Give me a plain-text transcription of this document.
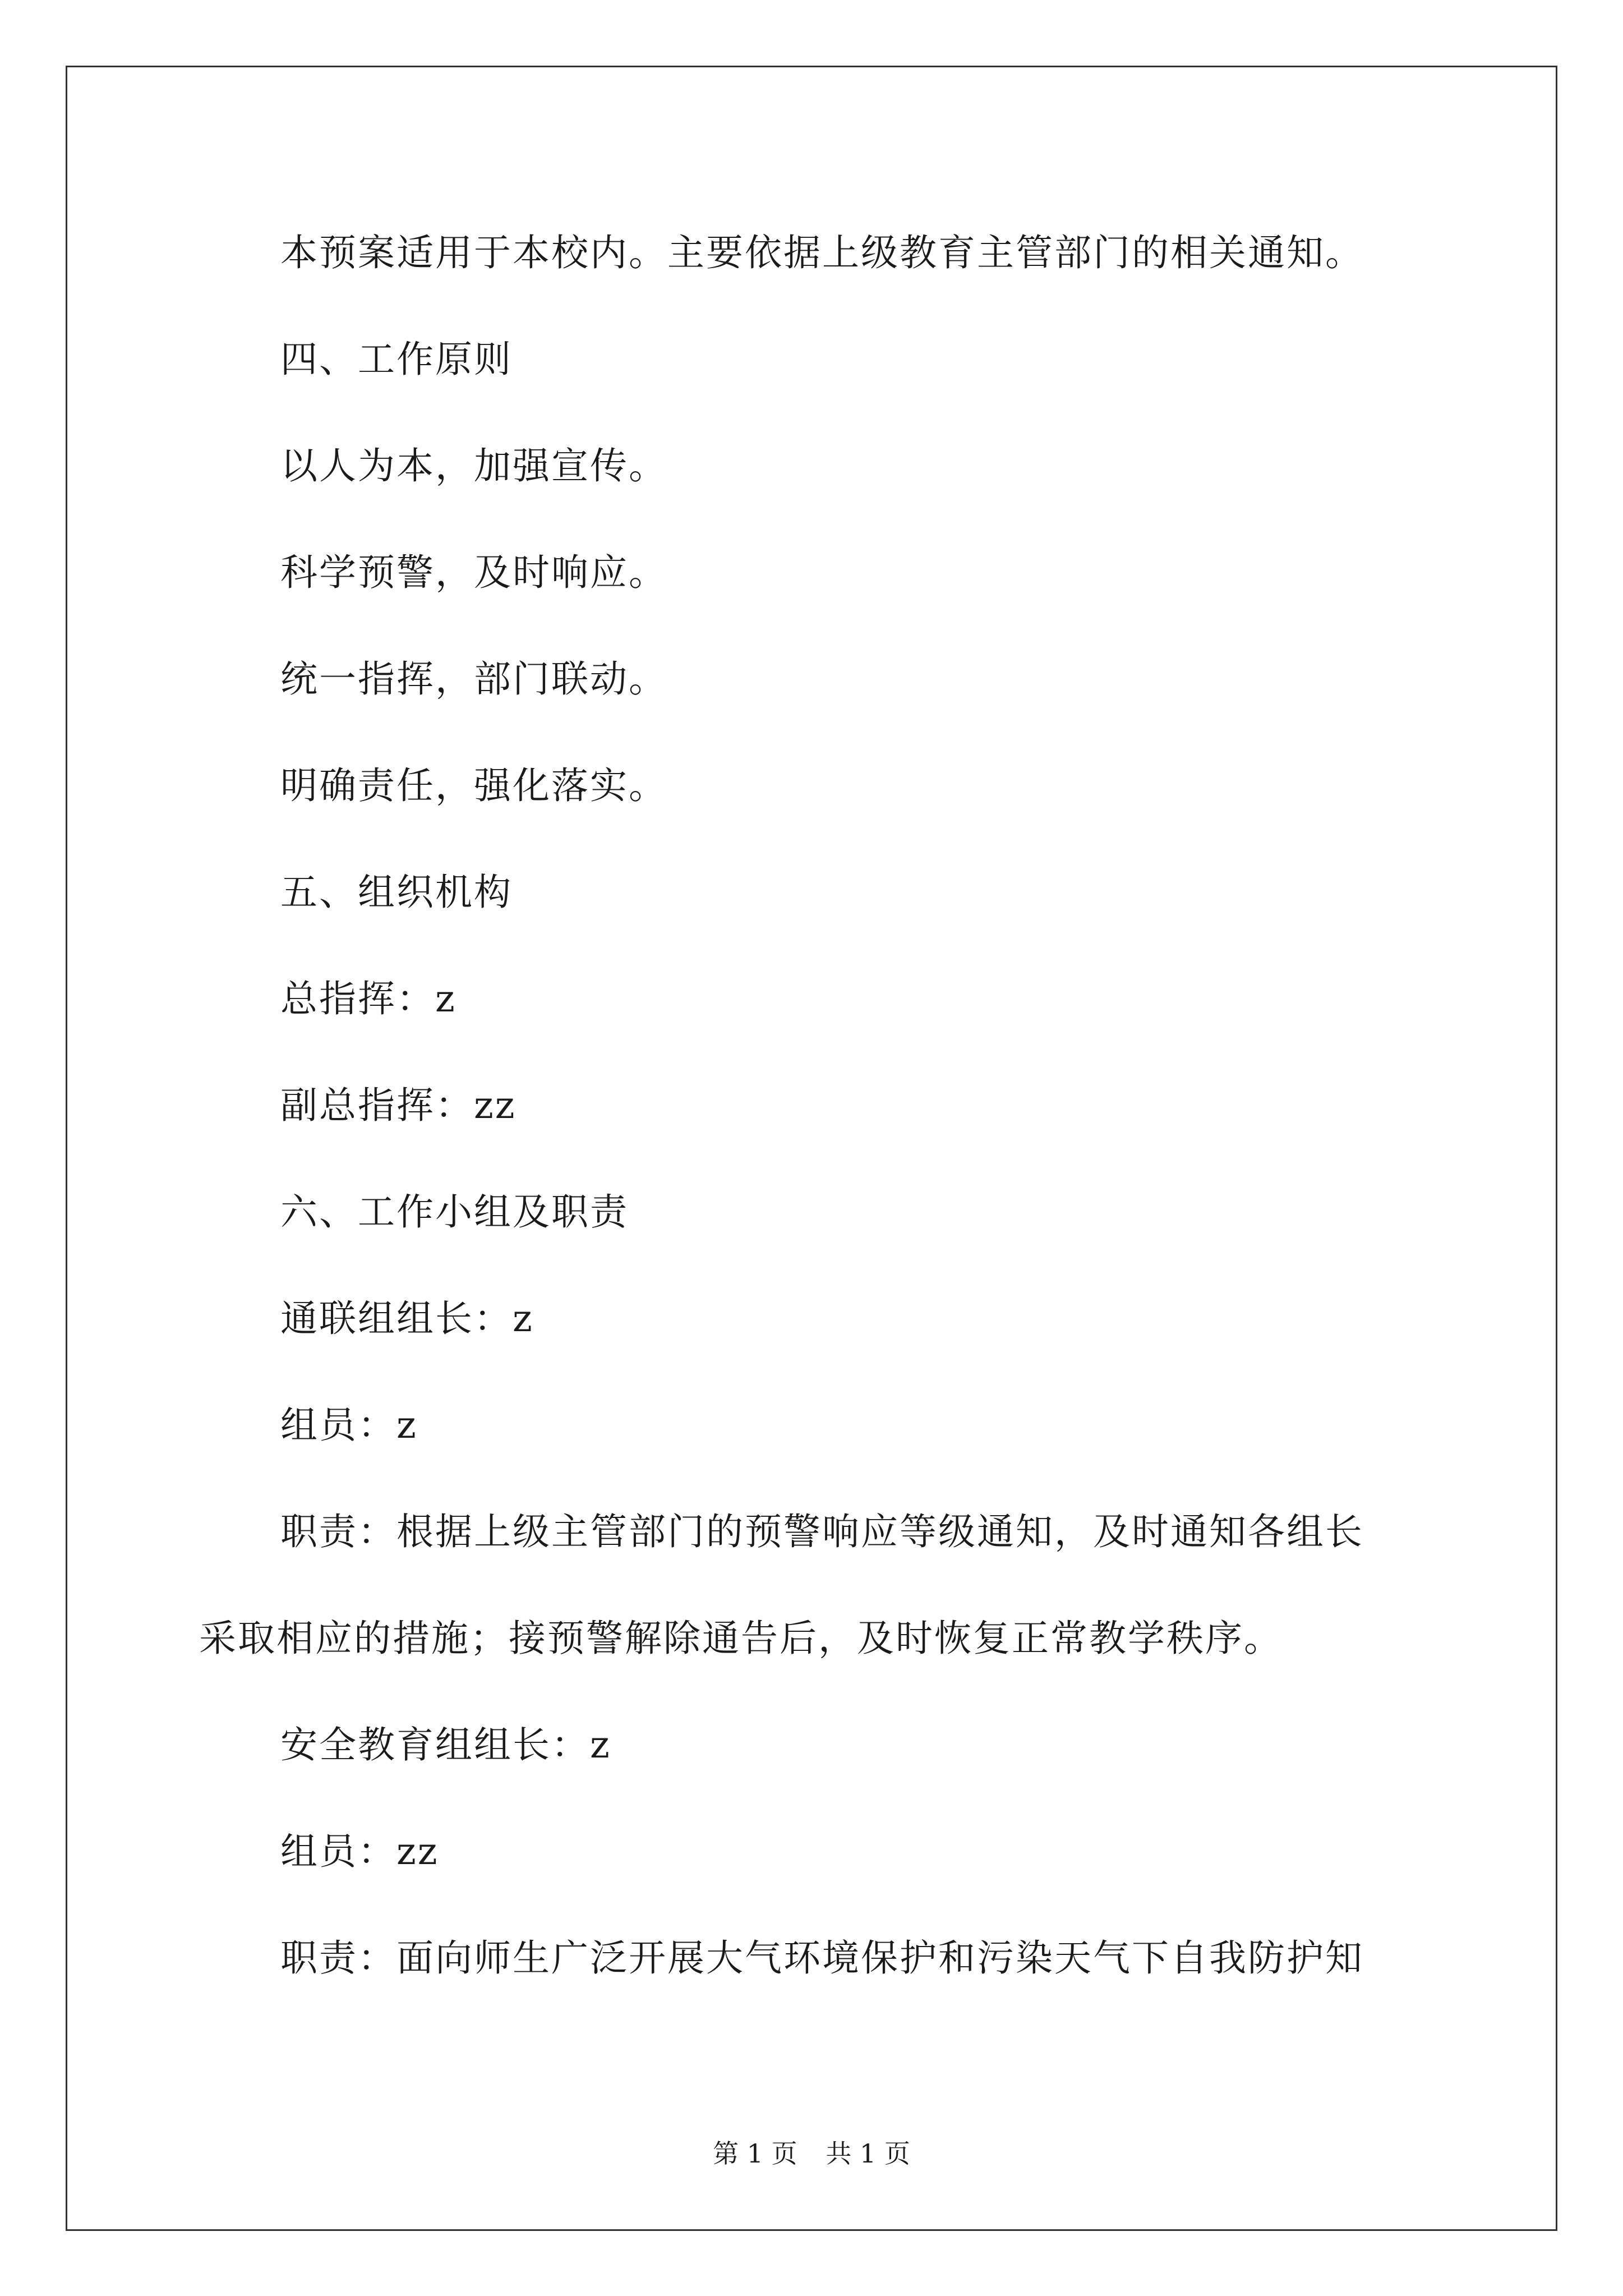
本预案适用于本校内。主要依据上级教育主管部门的相关通知。

四、工作原则

以人为本，加强宣传。

科学预警，及时响应。

统一指挥，部门联动。

明确责任，强化落实。

五、组织机构

总指挥：z

副总指挥：zz

六、工作小组及职责

通联组组长：z

组员：z

职责：根据上级主管部门的预警响应等级通知，及时通知各组长

采取相应的措施；接预警解除通告后，及时恢复正常教学秩序。

安全教育组组长：z

组员：zz

职责：面向师生广泛开展大气环境保护和污染天气下自我防护知

第 1 页 共 1 页
